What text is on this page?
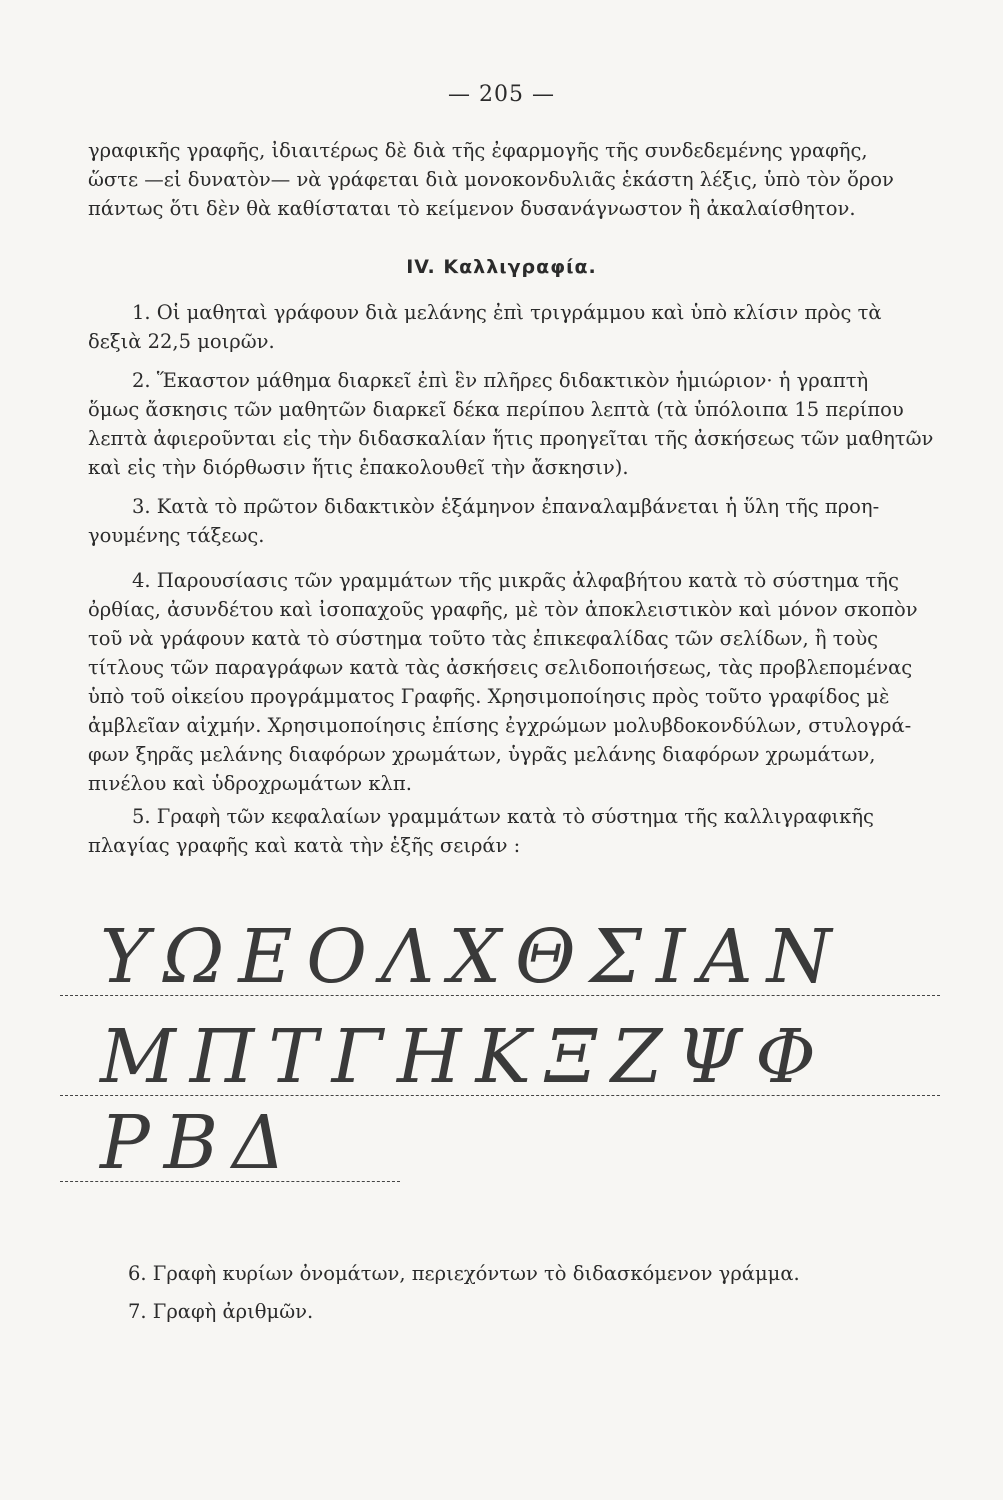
— 205 —
γραφικῆς γραφῆς, ἰδιαιτέρως δὲ διὰ τῆς ἐφαρμογῆς τῆς συνδεδεμένης γραφῆς,
ὥστε —εἰ δυνατὸν— νὰ γράφεται διὰ μονοκονδυλιᾶς ἑκάστη λέξις, ὑπὸ τὸν ὅρον
πάντως ὅτι δὲν θὰ καθίσταται τὸ κείμενον δυσανάγνωστον ἢ ἀκαλαίσθητον.
IV. Καλλιγραφία.
1. Οἱ μαθηταὶ γράφουν διὰ μελάνης ἐπὶ τριγράμμου καὶ ὑπὸ κλίσιν πρὸς τὰ
δεξιὰ 22,5 μοιρῶν.
2. Ἕκαστον μάθημα διαρκεῖ ἐπὶ ἓν πλῆρες διδακτικὸν ἡμιώριον· ἡ γραπτὴ
ὅμως ἄσκησις τῶν μαθητῶν διαρκεῖ δέκα περίπου λεπτὰ (τὰ ὑπόλοιπα 15 περίπου
λεπτὰ ἀφιεροῦνται εἰς τὴν διδασκαλίαν ἥτις προηγεῖται τῆς ἀσκήσεως τῶν μαθητῶν
καὶ εἰς τὴν διόρθωσιν ἥτις ἐπακολουθεῖ τὴν ἄσκησιν).
3. Κατὰ τὸ πρῶτον διδακτικὸν ἑξάμηνον ἐπαναλαμβάνεται ἡ ὕλη τῆς προη-
γουμένης τάξεως.
4. Παρουσίασις τῶν γραμμάτων τῆς μικρᾶς ἀλφαβήτου κατὰ τὸ σύστημα τῆς
ὀρθίας, ἀσυνδέτου καὶ ἰσοπαχοῦς γραφῆς, μὲ τὸν ἀποκλειστικὸν καὶ μόνον σκοπὸν
τοῦ νὰ γράφουν κατὰ τὸ σύστημα τοῦτο τὰς ἐπικεφαλίδας τῶν σελίδων, ἢ τοὺς
τίτλους τῶν παραγράφων κατὰ τὰς ἀσκήσεις σελιδοποιήσεως, τὰς προβλεπομένας
ὑπὸ τοῦ οἰκείου προγράμματος Γραφῆς. Χρησιμοποίησις πρὸς τοῦτο γραφίδος μὲ
ἀμβλεῖαν αἰχμήν. Χρησιμοποίησις ἐπίσης ἐγχρώμων μολυβδοκονδύλων, στυλογρά-
φων ξηρᾶς μελάνης διαφόρων χρωμάτων, ὑγρᾶς μελάνης διαφόρων χρωμάτων,
πινέλου καὶ ὑδροχρωμάτων κλπ.
5. Γραφὴ τῶν κεφαλαίων γραμμάτων κατὰ τὸ σύστημα τῆς καλλιγραφικῆς
πλαγίας γραφῆς καὶ κατὰ τὴν ἑξῆς σειράν :
ΥΩΕΟΛΧΘΣΙΑΝ
ΜΠΤΓΗΚΞΖΨΦ
ΡΒΔ
6. Γραφὴ κυρίων ὀνομάτων, περιεχόντων τὸ διδασκόμενον γράμμα.
7. Γραφὴ ἀριθμῶν.
